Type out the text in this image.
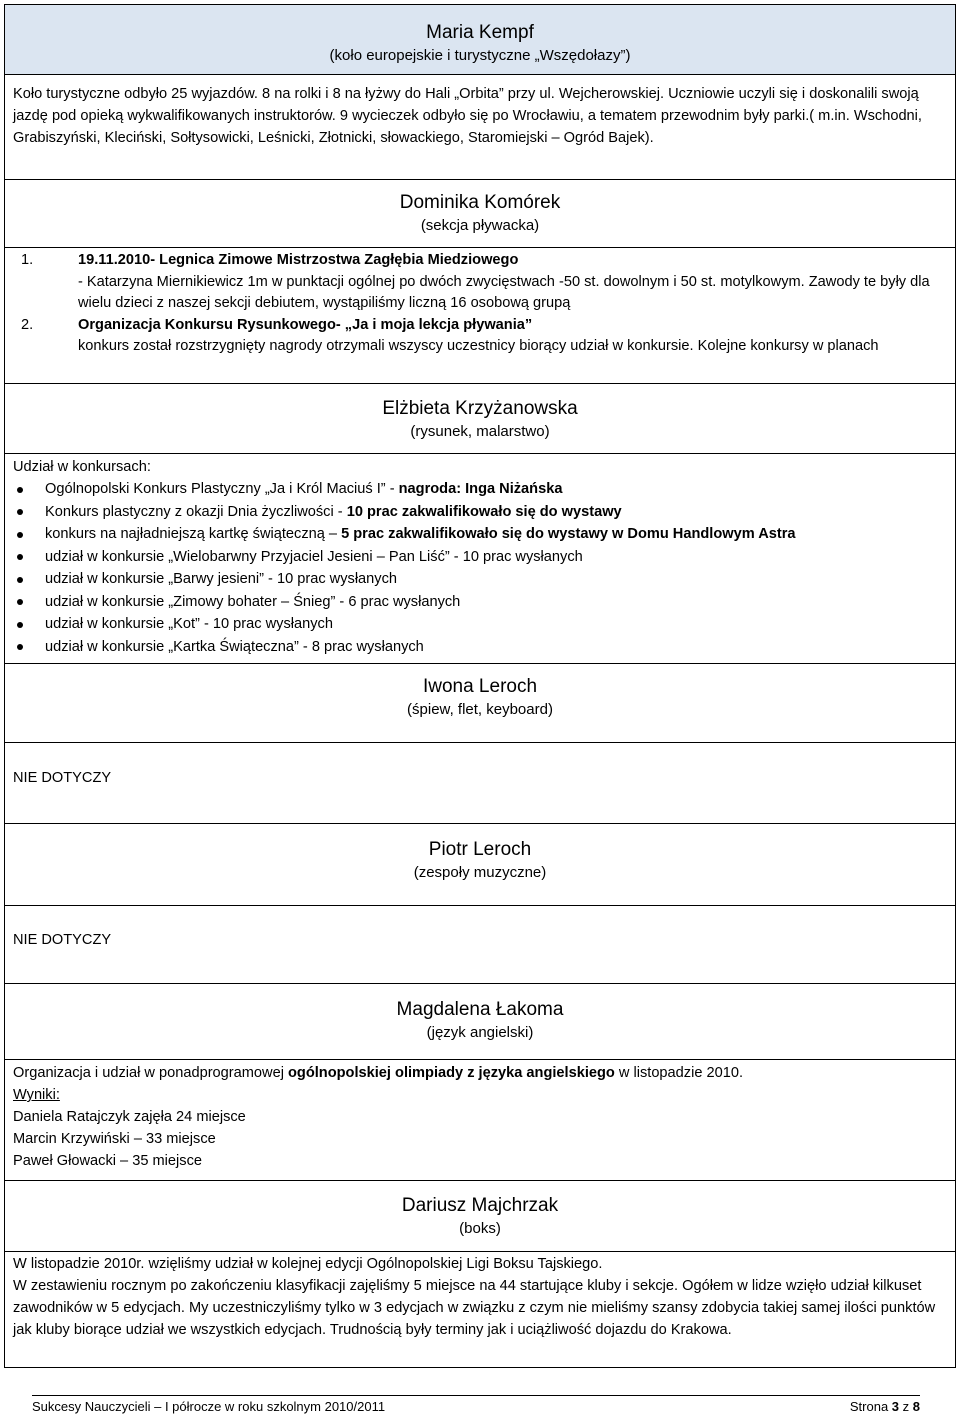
Maria Kempf
(koło europejskie i turystyczne „Wszędołazy”)
Koło turystyczne odbyło 25 wyjazdów. 8 na rolki i 8 na łyżwy do Hali „Orbita” przy ul. Wejcherowskiej. Uczniowie uczyli się i doskonalili swoją jazdę pod opieką wykwalifikowanych instruktorów. 9 wycieczek odbyło się po Wrocławiu, a tematem przewodnim były parki.( m.in. Wschodni, Grabiszyński, Kleciński, Sołtysowicki, Leśnicki, Złotnicki, słowackiego, Staromiejski – Ogród Bajek).
Dominika Komórek
(sekcja pływacka)
1.	19.11.2010- Legnica Zimowe Mistrzostwa Zagłębia Miedziowego
- Katarzyna Miernikiewicz 1m w punktacji ogólnej po dwóch zwycięstwach -50 st. dowolnym i 50 st. motylkowym. Zawody te były dla wielu dzieci z naszej sekcji debiutem, wystąpiliśmy liczną 16 osobową grupą
2.	Organizacja Konkursu Rysunkowego- „Ja i moja lekcja pływania”
konkurs został rozstrzygnięty nagrody otrzymali wszyscy uczestnicy biorący udział w konkursie. Kolejne konkursy w planach
Elżbieta Krzyżanowska
(rysunek, malarstwo)
Udział w konkursach:
Ogólnopolski Konkurs Plastyczny „Ja i Król Maciuś I” - nagroda: Inga Niżańska
Konkurs plastyczny z okazji Dnia życzliwości - 10 prac zakwalifikowało się do wystawy
konkurs na najładniejszą kartkę świąteczną – 5 prac zakwalifikowało się do wystawy w Domu Handlowym Astra
udział w konkursie „Wielobarwny Przyjaciel Jesieni – Pan Liść” - 10 prac wysłanych
udział w konkursie „Barwy jesieni” - 10 prac wysłanych
udział w konkursie „Zimowy bohater – Śnieg” - 6 prac wysłanych
udział w konkursie „Kot” - 10 prac wysłanych
udział w konkursie „Kartka Świąteczna” - 8 prac wysłanych
Iwona Leroch
(śpiew, flet, keyboard)
NIE DOTYCZY
Piotr Leroch
(zespoły muzyczne)
NIE DOTYCZY
Magdalena Łakoma
(język angielski)
Organizacja i udział w ponadprogramowej ogólnopolskiej olimpiady z języka angielskiego w listopadzie 2010.
Wyniki:
Daniela Ratajczyk zajęła 24 miejsce
Marcin Krzywiński – 33 miejsce
Paweł Głowacki – 35 miejsce
Dariusz Majchrzak
(boks)
W listopadzie 2010r. wzięliśmy udział w kolejnej edycji Ogólnopolskiej Ligi Boksu Tajskiego.
W zestawieniu rocznym po zakończeniu klasyfikacji zajęliśmy 5 miejsce na 44 startujące kluby i sekcje. Ogółem w lidze wzięło udział kilkuset zawodników w 5 edycjach. My uczestniczyliśmy tylko w 3 edycjach w związku z czym nie mieliśmy szansy zdobycia takiej samej ilości punktów jak kluby biorące udział we wszystkich edycjach. Trudnością były terminy jak i uciążliwość dojazdu do Krakowa.
Sukcesy Nauczycieli – I półrocze w roku szkolnym 2010/2011	Strona 3 z 8
